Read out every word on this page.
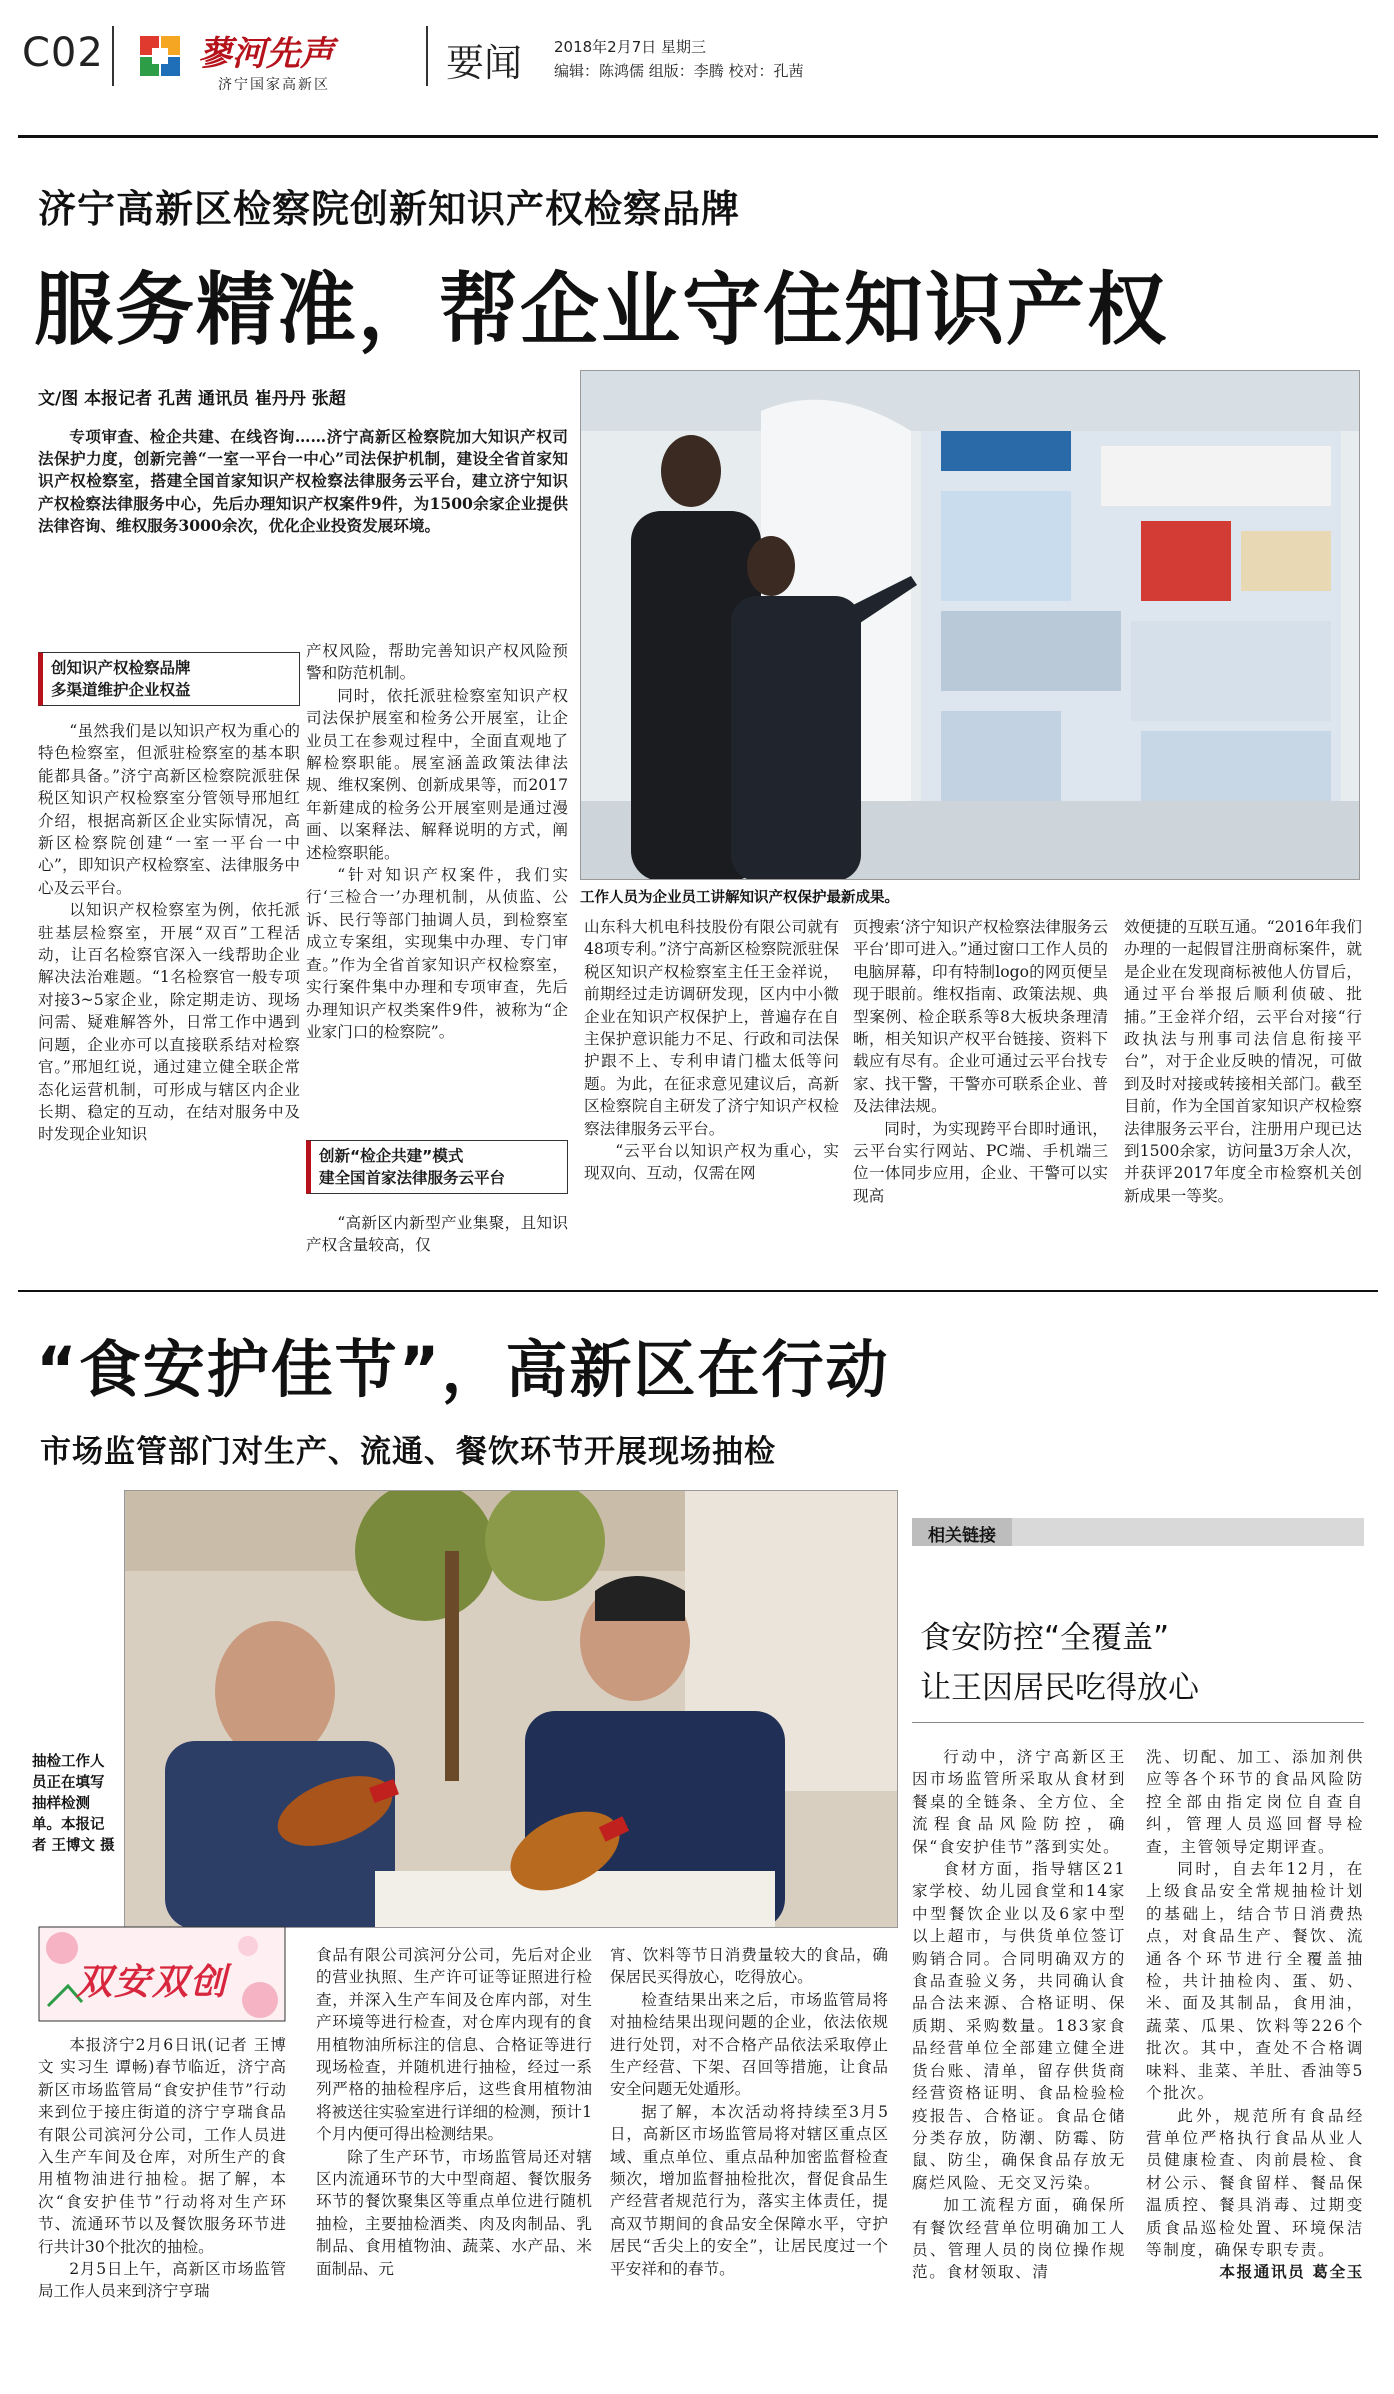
C02	蓼河先声
济宁国家高新区	要闻 2018年2月7日 星期三
编辑：陈鸿儒 组版：李腾 校对：孔茜
济宁高新区检察院创新知识产权检察品牌
服务精准，帮企业守住知识产权
文/图 本报记者 孔茜 通讯员 崔丹丹 张超

专项审查、检企共建、在线咨询……济宁高新区检察院加大知识产权司法保护力度，创新完善“一室一平台一中心”司法保护机制，建设全省首家知识产权检察室，搭建全国首家知识产权检察法律服务云平台，建立济宁知识产权检察法律服务中心，先后办理知识产权案件9件，为1500余家企业提供法律咨询、维权服务3000余次，优化企业投资发展环境。

工作人员为企业员工讲解知识产权保护最新成果。
创知识产权检察品牌
多渠道维护企业权益

“虽然我们是以知识产权为重心的特色检察室，但派驻检察室的基本职能都具备。”济宁高新区检察院派驻保税区知识产权检察室分管领导邢旭红介绍，根据高新区企业实际情况，高新区检察院创建“一室一平台一中心”，即知识产权检察室、法律服务中心及云平台。

以知识产权检察室为例，依托派驻基层检察室，开展“双百”工程活动，让百名检察官深入一线帮助企业解决法治难题。“1名检察官一般专项对接3~5家企业，除定期走访、现场问需、疑难解答外，日常工作中遇到问题，企业亦可以直接联系结对检察官。”邢旭红说，通过建立健全联企常态化运营机制，可形成与辖区内企业长期、稳定的互动，在结对服务中及时发现企业知识

产权风险，帮助完善知识产权风险预警和防范机制。

同时，依托派驻检察室知识产权司法保护展室和检务公开展室，让企业员工在参观过程中，全面直观地了解检察职能。展室涵盖政策法律法规、维权案例、创新成果等，而2017年新建成的检务公开展室则是通过漫画、以案释法、解释说明的方式，阐述检察职能。

“针对知识产权案件，我们实行‘三检合一’办理机制，从侦监、公诉、民行等部门抽调人员，到检察室成立专案组，实现集中办理、专门审查。”作为全省首家知识产权检察室，实行案件集中办理和专项审查，先后办理知识产权类案件9件，被称为“企业家门口的检察院”。

创新“检企共建”模式
建全国首家法律服务云平台

“高新区内新型产业集聚，且知识产权含量较高，仅

山东科大机电科技股份有限公司就有48项专利。”济宁高新区检察院派驻保税区知识产权检察室主任王金祥说，前期经过走访调研发现，区内中小微企业在知识产权保护上，普遍存在自主保护意识能力不足、行政和司法保护跟不上、专利申请门槛太低等问题。为此，在征求意见建议后，高新区检察院自主研发了济宁知识产权检察法律服务云平台。

“云平台以知识产权为重心，实现双向、互动，仅需在网

页搜索‘济宁知识产权检察法律服务云平台’即可进入。”通过窗口工作人员的电脑屏幕，印有特制logo的网页便呈现于眼前。维权指南、政策法规、典型案例、检企联系等8大板块条理清晰，相关知识产权平台链接、资料下载应有尽有。企业可通过云平台找专家、找干警，干警亦可联系企业、普及法律法规。

同时，为实现跨平台即时通讯，云平台实行网站、PC端、手机端三位一体同步应用，企业、干警可以实现高

效便捷的互联互通。“2016年我们办理的一起假冒注册商标案件，就是企业在发现商标被他人仿冒后，通过平台举报后顺利侦破、批捕。”王金祥介绍，云平台对接“行政执法与刑事司法信息衔接平台”，对于企业反映的情况，可做到及时对接或转接相关部门。截至目前，作为全国首家知识产权检察法律服务云平台，注册用户现已达到1500余家，访问量3万余人次，并获评2017年度全市检察机关创新成果一等奖。

“食安护佳节”，高新区在行动
市场监管部门对生产、流通、餐饮环节开展现场抽检
抽检工作人员正在填写抽样检测单。本报记者 王博文 摄
双安双创

本报济宁2月6日讯(记者 王博文 实习生 谭畅)春节临近，济宁高新区市场监管局“食安护佳节”行动来到位于接庄街道的济宁亨瑞食品有限公司滨河分公司，工作人员进入生产车间及仓库，对所生产的食用植物油进行抽检。据了解，本次“食安护佳节”行动将对生产环节、流通环节以及餐饮服务环节进行共计30个批次的抽检。

2月5日上午，高新区市场监管局工作人员来到济宁亨瑞

食品有限公司滨河分公司，先后对企业的营业执照、生产许可证等证照进行检查，并深入生产车间及仓库内部，对生产环境等进行检查，对仓库内现有的食用植物油所标注的信息、合格证等进行现场检查，并随机进行抽检，经过一系列严格的抽检程序后，这些食用植物油将被送往实验室进行详细的检测，预计1个月内便可得出检测结果。

除了生产环节，市场监管局还对辖区内流通环节的大中型商超、餐饮服务环节的餐饮聚集区等重点单位进行随机抽检，主要抽检酒类、肉及肉制品、乳制品、食用植物油、蔬菜、水产品、米面制品、元

宵、饮料等节日消费量较大的食品，确保居民买得放心，吃得放心。

检查结果出来之后，市场监管局将对抽检结果出现问题的企业，依法依规进行处罚，对不合格产品依法采取停止生产经营、下架、召回等措施，让食品安全问题无处遁形。

据了解，本次活动将持续至3月5日，高新区市场监管局将对辖区重点区域、重点单位、重点品种加密监督检查频次，增加监督抽检批次，督促食品生产经营者规范行为，落实主体责任，提高双节期间的食品安全保障水平，守护居民“舌尖上的安全”，让居民度过一个平安祥和的春节。

相关链接
食安防控“全覆盖”
让王因居民吃得放心

行动中，济宁高新区王因市场监管所采取从食材到餐桌的全链条、全方位、全流程食品风险防控，确保“食安护佳节”落到实处。

食材方面，指导辖区21家学校、幼儿园食堂和14家中型餐饮企业以及6家中型以上超市，与供货单位签订购销合同。合同明确双方的食品查验义务，共同确认食品合法来源、合格证明、保质期、采购数量。183家食品经营单位全部建立健全进货台账、清单，留存供货商经营资格证明、食品检验检疫报告、合格证。食品仓储分类存放，防潮、防霉、防鼠、防尘，确保食品存放无腐烂风险、无交叉污染。

加工流程方面，确保所有餐饮经营单位明确加工人员、管理人员的岗位操作规范。食材领取、清

洗、切配、加工、添加剂供应等各个环节的食品风险防控全部由指定岗位自查自纠，管理人员巡回督导检查，主管领导定期评查。

同时，自去年12月，在上级食品安全常规抽检计划的基础上，结合节日消费热点，对食品生产、餐饮、流通各个环节进行全覆盖抽检，共计抽检肉、蛋、奶、米、面及其制品，食用油，蔬菜、瓜果、饮料等226个批次。其中，查处不合格调味料、韭菜、羊肚、香油等5个批次。

此外，规范所有食品经营单位严格执行食品从业人员健康检查、肉前晨检、食材公示、餐食留样、餐品保温质控、餐具消毒、过期变质食品巡检处置、环境保洁等制度，确保专职专责。

本报通讯员 葛全玉
